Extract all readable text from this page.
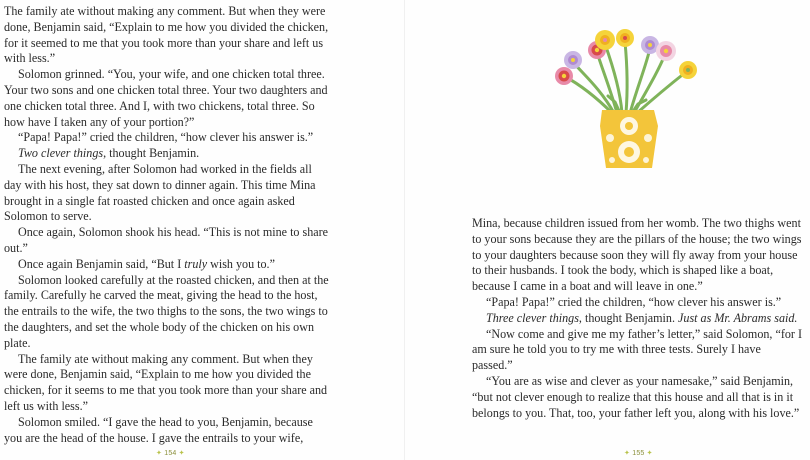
The family ate without making any comment. But when they were done, Benjamin said, “Explain to me how you divided the chicken, for it seemed to me that you took more than your share and left us with less.”

Solomon grinned. “You, your wife, and one chicken total three. Your two sons and one chicken total three. Your two daughters and one chicken total three. And I, with two chickens, total three. So how have I taken any of your portion?”

“Papa! Papa!” cried the children, “how clever his answer is.”

Two clever things, thought Benjamin.

The next evening, after Solomon had worked in the fields all day with his host, they sat down to dinner again. This time Mina brought in a single fat roasted chicken and once again asked Solomon to serve.

Once again, Solomon shook his head. “This is not mine to share out.”

Once again Benjamin said, “But I truly wish you to.”

Solomon looked carefully at the roasted chicken, and then at the family. Carefully he carved the meat, giving the head to the host, the entrails to the wife, the two thighs to the sons, the two wings to the daughters, and set the whole body of the chicken on his own plate.

The family ate without making any comment. But when they were done, Benjamin said, “Explain to me how you divided the chicken, for it seems to me that you took more than your share and left us with less.”

Solomon smiled. “I gave the head to you, Benjamin, because you are the head of the house. I gave the entrails to your wife,

✦ 154 ✦

Mina, because children issued from her womb. The two thighs went to your sons because they are the pillars of the house; the two wings to your daughters because soon they will fly away from your house to their husbands. I took the body, which is shaped like a boat, because I came in a boat and will leave in one.”

“Papa! Papa!” cried the children, “how clever his answer is.”

Three clever things, thought Benjamin. Just as Mr. Abrams said.

“Now come and give me my father’s letter,” said Solomon, “for I am sure he told you to try me with three tests. Surely I have passed.”

“You are as wise and clever as your namesake,” said Benjamin, “but not clever enough to realize that this house and all that is in it belongs to you. That, too, your father left you, along with his love.”

✦ 155 ✦
